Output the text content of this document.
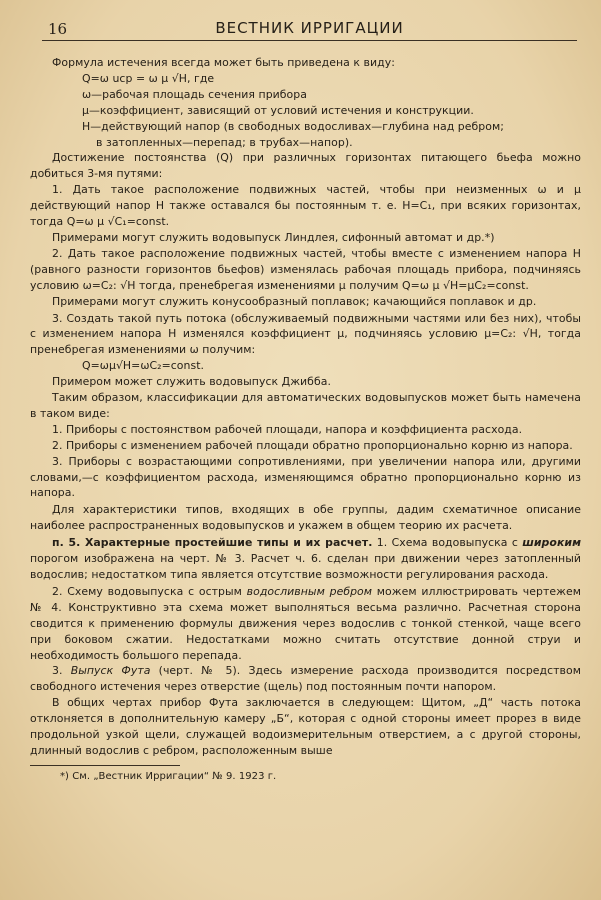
16	ВЕСТНИК ИРРИГАЦИИ

Формула истечения всегда может быть приведена к виду:

Q=ω uср = ω μ √H, где
ω—рабочая площадь сечения прибора
μ—коэффициент, зависящий от условий истечения и конструкции.
Н—действующий напор (в свободных водосливах—глубина над ребром;
в затопленных—перепад; в трубах—напор).

Достижение постоянства (Q) при различных горизонтах питающего бьефа можно добиться 3-мя путями:

1. Дать такое расположение подвижных частей, чтобы при неизменных ω и μ действующий напор Н также оставался бы постоянным т. е. Н=С₁, при всяких горизонтах, тогда Q=ω μ √С₁=const.

Примерами могут служить водовыпуск Линдлея, сифонный автомат и др.*)

2. Дать такое расположение подвижных частей, чтобы вместе с изменением напора Н (равного разности горизонтов бьефов) изменялась рабочая площадь прибора, подчиняясь условию ω=С₂: √Н тогда, пренебрегая изменениями μ получим Q=ω μ √Н=μС₂=const.

Примерами могут служить конусообразный поплавок; качающийся поплавок и др.

3. Создать такой путь потока (обслуживаемый подвижными частями или без них), чтобы с изменением напора Н изменялся коэффициент μ, подчиняясь условию μ=С₂: √Н, тогда пренебрегая изменениями ω получим:

Q=ωμ√Н=ωС₂=const.

Примером может служить водовыпуск Джибба.

Таким образом, классификации для автоматических водовыпусков может быть намечена в таком виде:

1. Приборы с постоянством рабочей площади, напора и коэффициента расхода.

2. Приборы с изменением рабочей площади обратно пропорционально корню из напора.

3. Приборы с возрастающими сопротивлениями, при увеличении напора или, другими словами,—с коэффициентом расхода, изменяющимся обратно пропорционально корню из напора.

Для характеристики типов, входящих в обе группы, дадим схематичное описание наиболее распространенных водовыпусков и укажем в общем теорию их расчета.

п. 5. Характерные простейшие типы и их расчет. 1. Схема водовыпуска с широким порогом изображена на черт. № 3. Расчет ч. 6. сделан при движении через затопленный водослив; недостатком типа является отсутствие возможности регулирования расхода.

2. Схему водовыпуска с острым водосливным ребром можем иллюстрировать чертежем № 4. Конструктивно эта схема может выполняться весьма различно. Расчетная сторона сводится к применению формулы движения через водослив с тонкой стенкой, чаще всего при боковом сжатии. Недостатками можно считать отсутствие донной струи и необходимость большого перепада.

3. Выпуск Фута (черт. № 5). Здесь измерение расхода производится посредством свободного истечения через отверстие (щель) под постоянным почти напором.

В общих чертах прибор Фута заключается в следующем: Щитом, „Д“ часть потока отклоняется в дополнительную камеру „Б“, которая с одной стороны имеет прорез в виде продольной узкой щели, служащей водоизмерительным отверстием, а с другой стороны, длинный водослив с ребром, расположенным выше

*) См. „Вестник Ирригации“ № 9. 1923 г.
